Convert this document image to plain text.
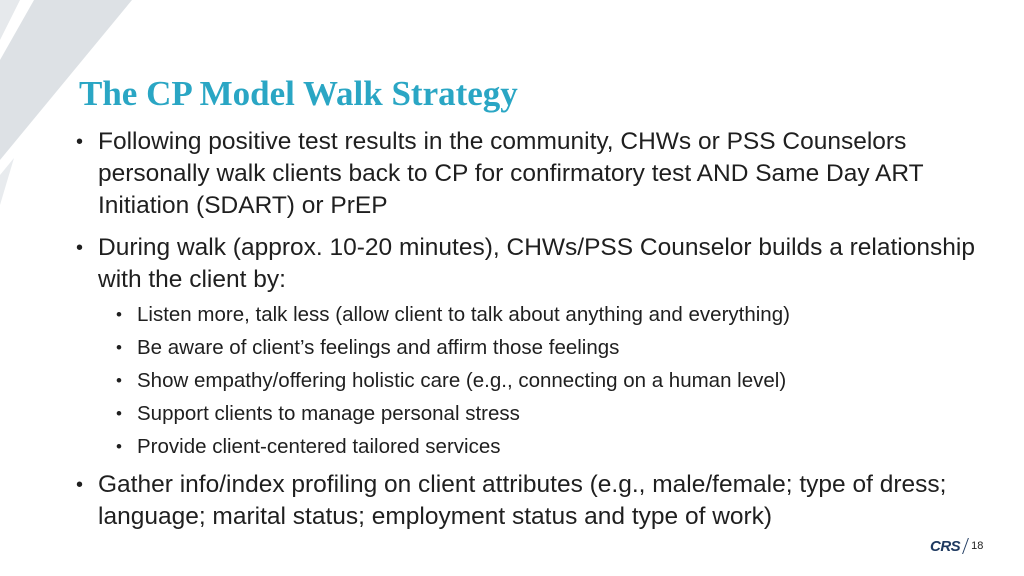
The CP Model Walk Strategy
• Following positive test results in the community, CHWs or PSS Counselors personally walk clients back to CP for confirmatory test AND Same Day ART Initiation (SDART) or PrEP
• During walk (approx. 10-20 minutes), CHWs/PSS Counselor builds a relationship with the client by:
• Listen more, talk less (allow client to talk about anything and everything)
• Be aware of client’s feelings and affirm those feelings
• Show empathy/offering holistic care (e.g., connecting on a human level)
• Support clients to manage personal stress
• Provide client-centered tailored services
• Gather info/index profiling on client attributes (e.g., male/female; type of dress; language; marital status; employment status and type of work)
CRS 18
